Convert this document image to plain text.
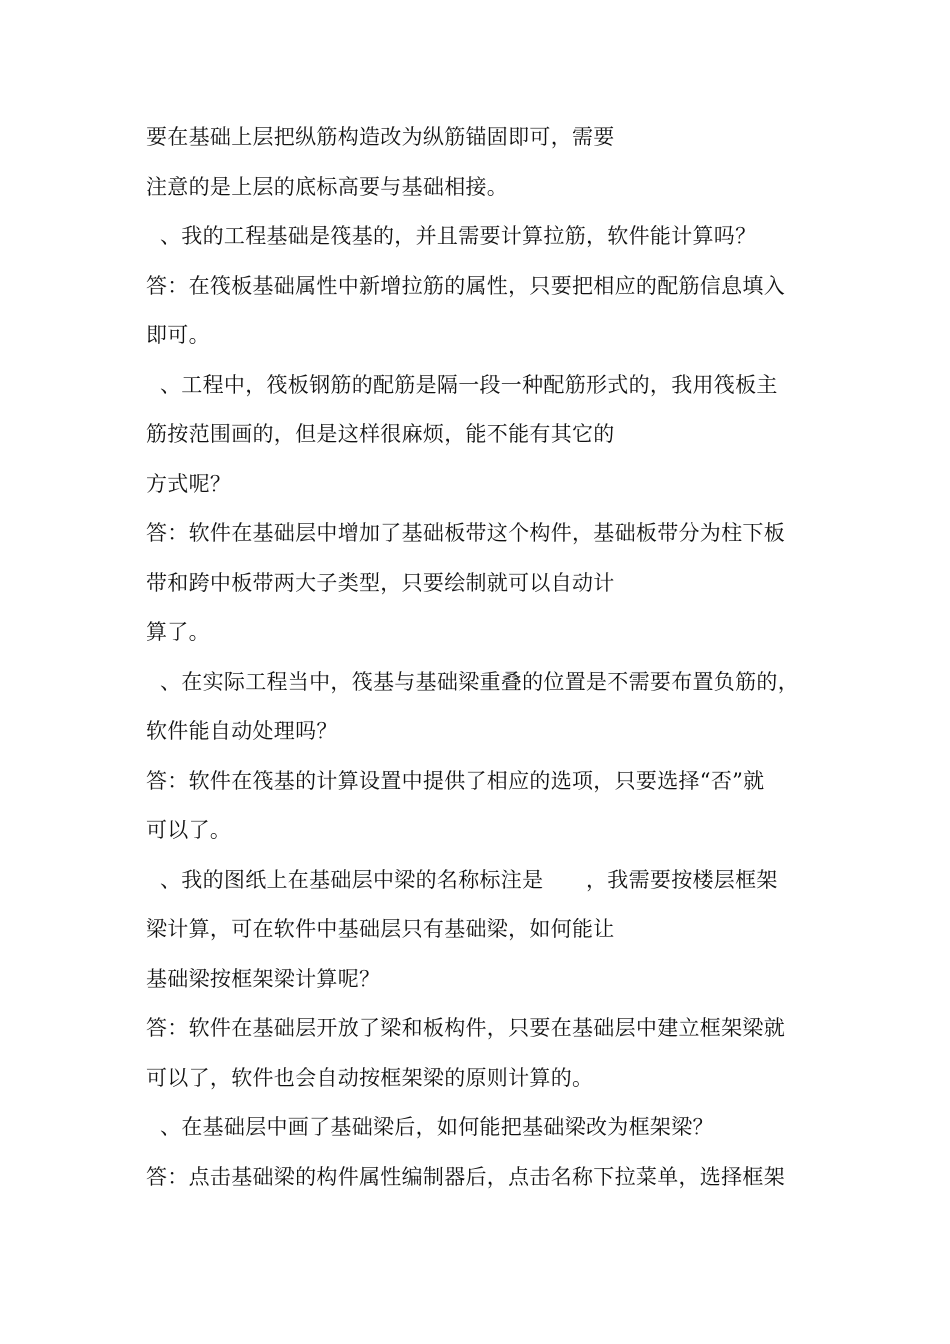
要在基础上层把纵筋构造改为纵筋锚固即可，需要
注意的是上层的底标高要与基础相接。
、我的工程基础是筏基的，并且需要计算拉筋，软件能计算吗？
答：在筏板基础属性中新增拉筋的属性，只要把相应的配筋信息填入
即可。
、工程中，筏板钢筋的配筋是隔一段一种配筋形式的，我用筏板主
筋按范围画的，但是这样很麻烦，能不能有其它的
方式呢？
答：软件在基础层中增加了基础板带这个构件，基础板带分为柱下板
带和跨中板带两大子类型，只要绘制就可以自动计
算了。
、在实际工程当中，筏基与基础梁重叠的位置是不需要布置负筋的，
软件能自动处理吗？
答：软件在筏基的计算设置中提供了相应的选项，只要选择“否”就
可以了。
、我的图纸上在基础层中梁的名称标注是　　，我需要按楼层框架
梁计算，可在软件中基础层只有基础梁，如何能让
基础梁按框架梁计算呢？
答：软件在基础层开放了梁和板构件，只要在基础层中建立框架梁就
可以了，软件也会自动按框架梁的原则计算的。
、在基础层中画了基础梁后，如何能把基础梁改为框架梁？
答：点击基础梁的构件属性编制器后，点击名称下拉菜单，选择框架
